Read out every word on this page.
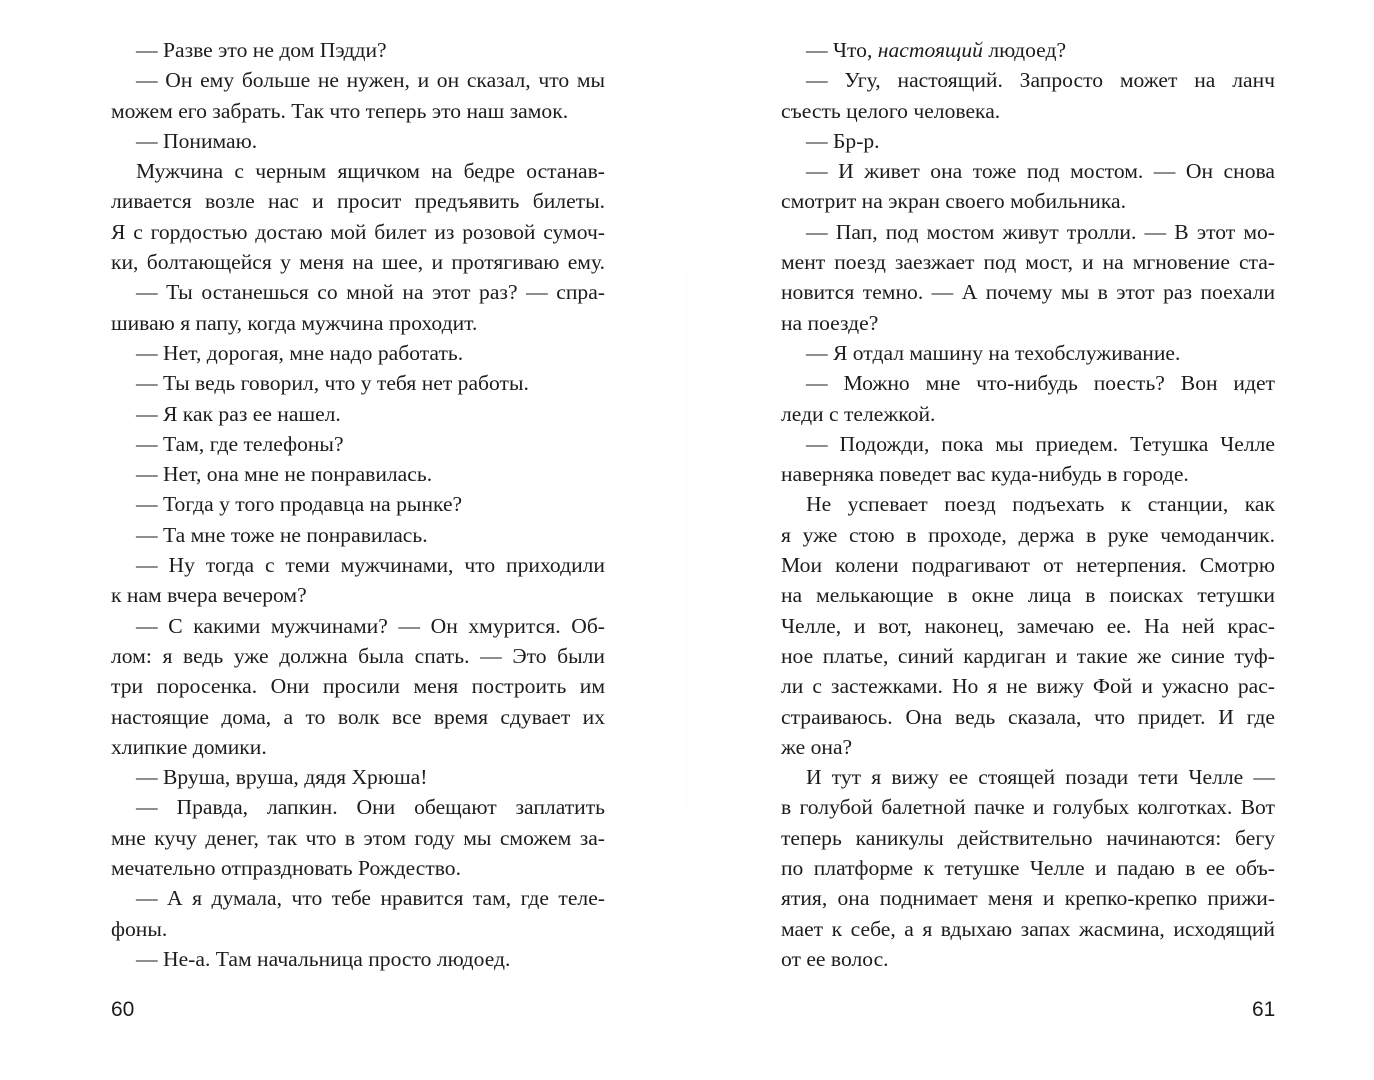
— Разве это не дом Пэдди?
— Он ему больше не нужен, и он сказал, что мы
можем его забрать. Так что теперь это наш замок.
— Понимаю.
Мужчина с черным ящичком на бедре останав-
ливается возле нас и просит предъявить билеты.
Я с гордостью достаю мой билет из розовой сумоч-
ки, болтающейся у меня на шее, и протягиваю ему.
— Ты останешься со мной на этот раз? — спра-
шиваю я папу, когда мужчина проходит.
— Нет, дорогая, мне надо работать.
— Ты ведь говорил, что у тебя нет работы.
— Я как раз ее нашел.
— Там, где телефоны?
— Нет, она мне не понравилась.
— Тогда у того продавца на рынке?
— Та мне тоже не понравилась.
— Ну тогда с теми мужчинами, что приходили
к нам вчера вечером?
— С какими мужчинами? — Он хмурится. Об-
лом: я ведь уже должна была спать. — Это были
три поросенка. Они просили меня построить им
настоящие дома, а то волк все время сдувает их
хлипкие домики.
— Вруша, вруша, дядя Хрюша!
— Правда, лапкин. Они обещают заплатить
мне кучу денег, так что в этом году мы сможем за-
мечательно отпраздновать Рождество.
— А я думала, что тебе нравится там, где теле-
фоны.
— Не-а. Там начальница просто людоед.
— Что, настоящий людоед?
— Угу, настоящий. Запросто может на ланч
съесть целого человека.
— Бр-р.
— И живет она тоже под мостом. — Он снова
смотрит на экран своего мобильника.
— Пап, под мостом живут тролли. — В этот мо-
мент поезд заезжает под мост, и на мгновение ста-
новится темно. — А почему мы в этот раз поехали
на поезде?
— Я отдал машину на техобслуживание.
— Можно мне что-нибудь поесть? Вон идет
леди с тележкой.
— Подожди, пока мы приедем. Тетушка Челле
наверняка поведет вас куда-нибудь в городе.
Не успевает поезд подъехать к станции, как
я уже стою в проходе, держа в руке чемоданчик.
Мои колени подрагивают от нетерпения. Смотрю
на мелькающие в окне лица в поисках тетушки
Челле, и вот, наконец, замечаю ее. На ней крас-
ное платье, синий кардиган и такие же синие туф-
ли с застежками. Но я не вижу Фой и ужасно рас-
страиваюсь. Она ведь сказала, что придет. И где
же она?
И тут я вижу ее стоящей позади тети Челле —
в голубой балетной пачке и голубых колготках. Вот
теперь каникулы действительно начинаются: бегу
по платформе к тетушке Челле и падаю в ее объ-
ятия, она поднимает меня и крепко-крепко прижи-
мает к себе, а я вдыхаю запах жасмина, исходящий
от ее волос.
60	61
